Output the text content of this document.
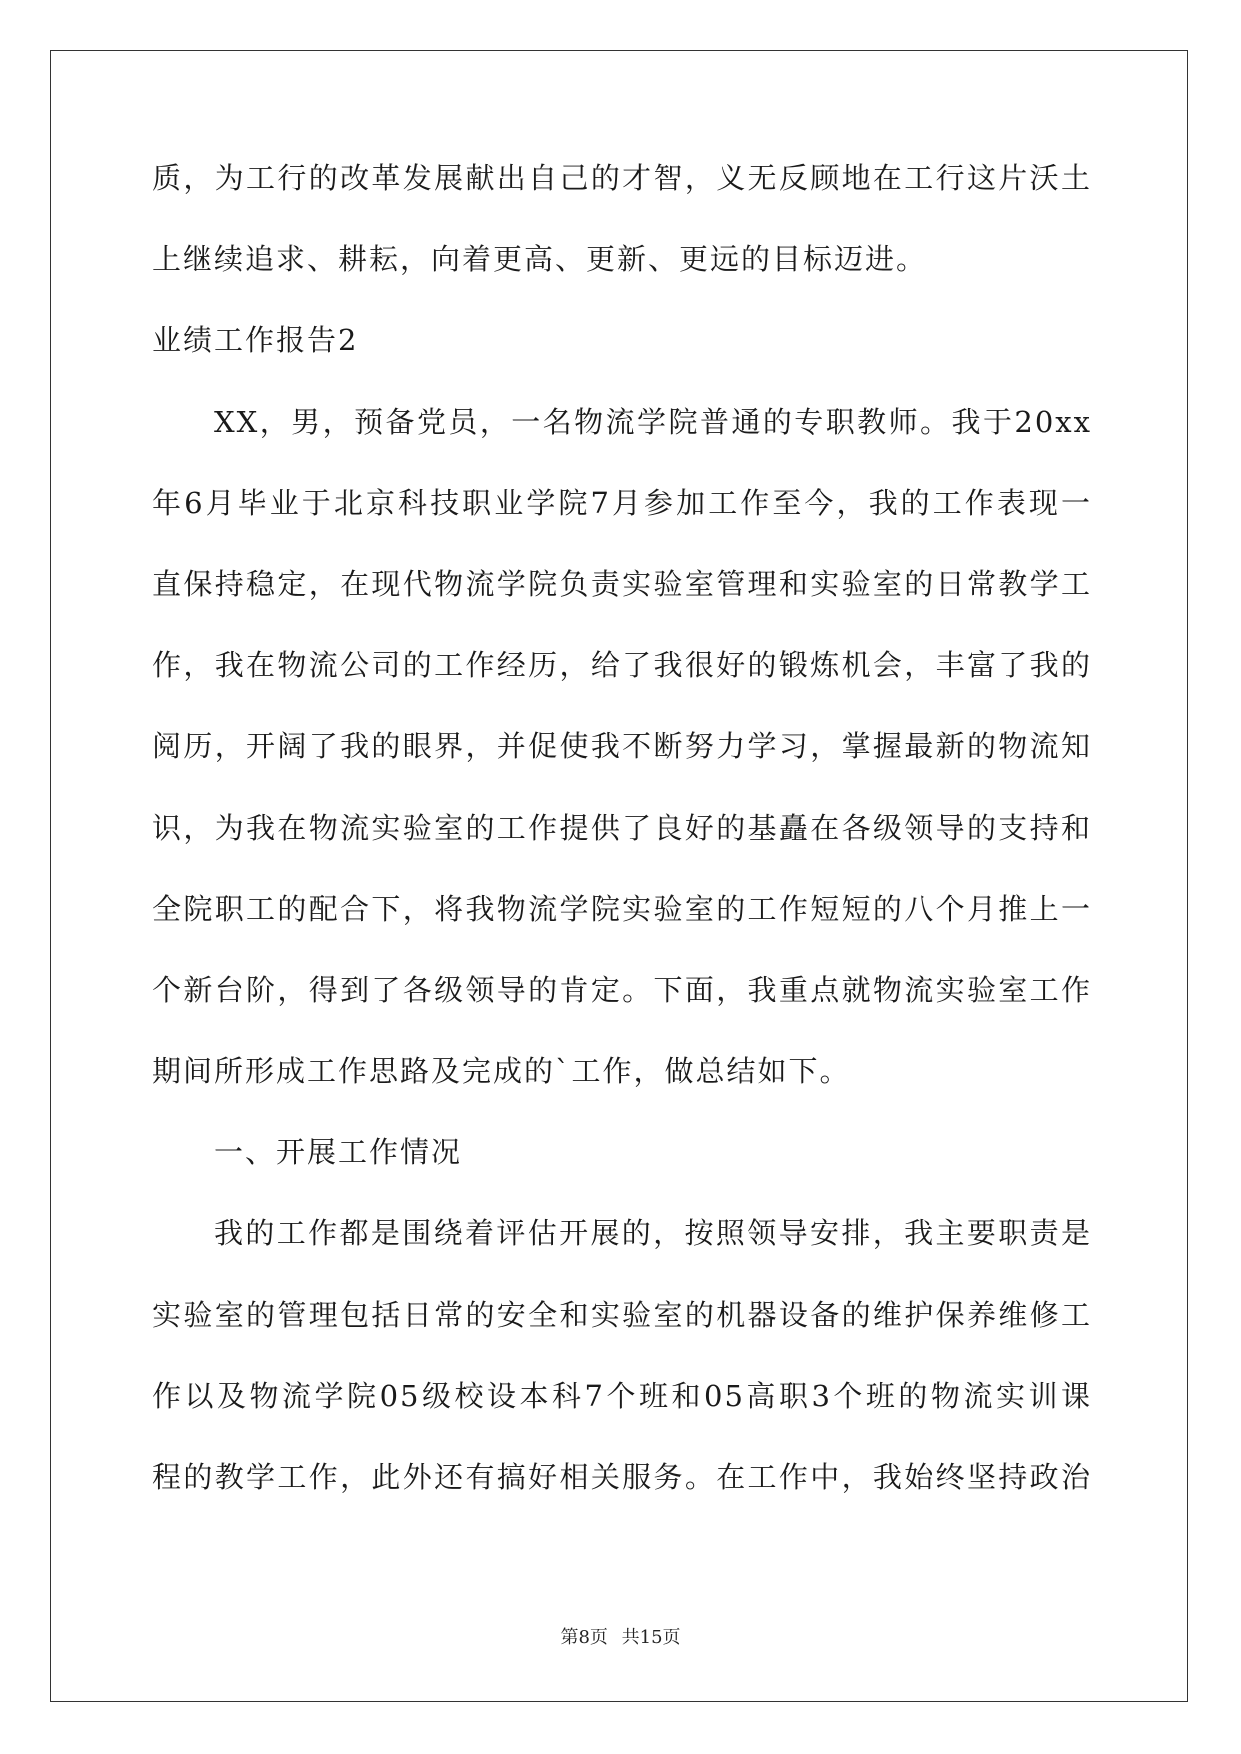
质，为工行的改革发展献出自己的才智，义无反顾地在工行这片沃土
上继续追求、耕耘，向着更高、更新、更远的目标迈进。
业绩工作报告2
XX，男，预备党员，一名物流学院普通的专职教师。我于20xx
年6月毕业于北京科技职业学院7月参加工作至今，我的工作表现一
直保持稳定，在现代物流学院负责实验室管理和实验室的日常教学工
作，我在物流公司的工作经历，给了我很好的锻炼机会，丰富了我的
阅历，开阔了我的眼界，并促使我不断努力学习，掌握最新的物流知
识，为我在物流实验室的工作提供了良好的基矗在各级领导的支持和
全院职工的配合下，将我物流学院实验室的工作短短的八个月推上一
个新台阶，得到了各级领导的肯定。下面，我重点就物流实验室工作
期间所形成工作思路及完成的`工作，做总结如下。
一、开展工作情况
我的工作都是围绕着评估开展的，按照领导安排，我主要职责是
实验室的管理包括日常的安全和实验室的机器设备的维护保养维修工
作以及物流学院05级校设本科7个班和05高职3个班的物流实训课
程的教学工作，此外还有搞好相关服务。在工作中，我始终坚持政治
第8页 共15页
